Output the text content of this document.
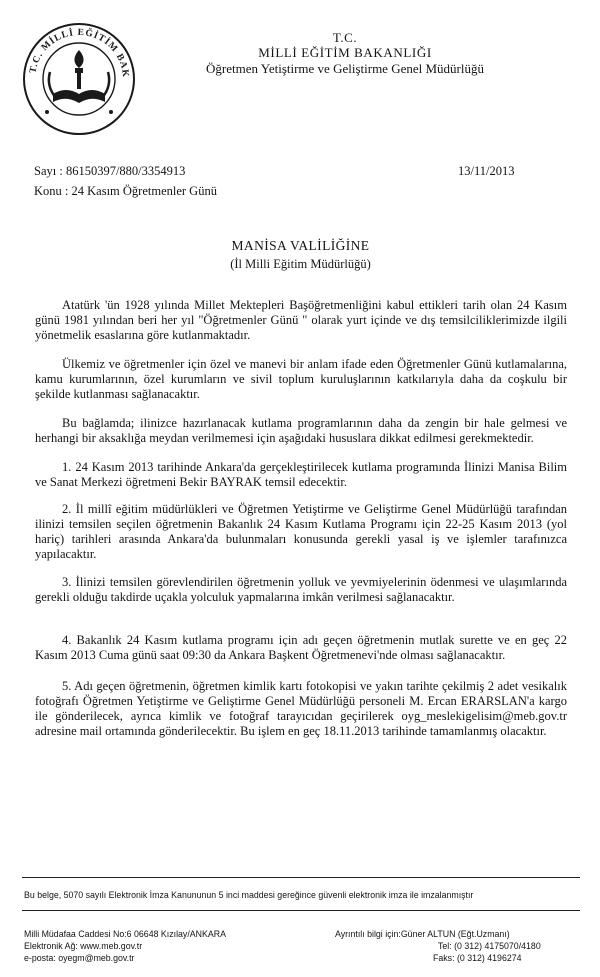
T.C. MİLLİ EĞİTİM BAK
T.C.
MİLLİ EĞİTİM BAKANLIĞI
Öğretmen Yetiştirme ve Geliştirme Genel Müdürlüğü
Sayı : 86150397/880/3354913
Konu : 24 Kasım Öğretmenler Günü
13/11/2013
MANİSA VALİLİĞİNE
(İl Milli Eğitim Müdürlüğü)
Atatürk 'ün 1928 yılında Millet Mektepleri Başöğretmenliğini kabul ettikleri tarih olan 24 Kasım günü 1981 yılından beri her yıl "Öğretmenler Günü " olarak yurt içinde ve dış temsilciliklerimizde ilgili yönetmelik esaslarına göre kutlanmaktadır.
Ülkemiz ve öğretmenler için özel ve manevi bir anlam ifade eden Öğretmenler Günü kutlamalarına, kamu kurumlarının, özel kurumların ve sivil toplum kuruluşlarının katkılarıyla daha da coşkulu bir şekilde kutlanması sağlanacaktır.
Bu bağlamda; ilinizce hazırlanacak kutlama programlarının daha da zengin bir hale gelmesi ve herhangi bir aksaklığa meydan verilmemesi için aşağıdaki hususlara dikkat edilmesi gerekmektedir.
1. 24 Kasım 2013 tarihinde Ankara'da gerçekleştirilecek kutlama programında İlinizi Manisa Bilim ve Sanat Merkezi öğretmeni Bekir BAYRAK temsil edecektir.
2. İl millî eğitim müdürlükleri ve Öğretmen Yetiştirme ve Geliştirme Genel Müdürlüğü tarafından ilinizi temsilen seçilen öğretmenin Bakanlık 24 Kasım Kutlama Programı için 22-25 Kasım 2013 (yol hariç) tarihleri arasında Ankara'da bulunmaları konusunda gerekli yasal iş ve işlemler tarafınızca yapılacaktır.
3. İlinizi temsilen görevlendirilen öğretmenin yolluk ve yevmiyelerinin ödenmesi ve ulaşımlarında gerekli olduğu takdirde uçakla yolculuk yapmalarına imkân verilmesi sağlanacaktır.
4. Bakanlık 24 Kasım kutlama programı için adı geçen öğretmenin mutlak surette ve en geç 22 Kasım 2013 Cuma günü saat 09:30 da Ankara Başkent Öğretmenevi'nde olması sağlanacaktır.
5. Adı geçen öğretmenin, öğretmen kimlik kartı fotokopisi ve yakın tarihte çekilmiş 2 adet vesikalık fotoğrafı Öğretmen Yetiştirme ve Geliştirme Genel Müdürlüğü personeli M. Ercan ERARSLAN'a kargo ile gönderilecek, ayrıca kimlik ve fotoğraf tarayıcıdan geçirilerek oyg_meslekigelisim@meb.gov.tr adresine mail ortamında gönderilecektir. Bu işlem en geç 18.11.2013 tarihinde tamamlanmış olacaktır.
Bu belge, 5070 sayılı Elektronik İmza Kanununun 5 inci maddesi gereğince güvenli elektronik imza ile imzalanmıştır
Milli Müdafaa Caddesi No:6 06648 Kızılay/ANKARA
Elektronik Ağ: www.meb.gov.tr
e-posta: oyegm@meb.gov.tr
Ayrıntılı bilgi için:Güner ALTUN (Eğt.Uzmanı)
Tel: (0 312) 4175070/4180
Faks: (0 312) 4196274
